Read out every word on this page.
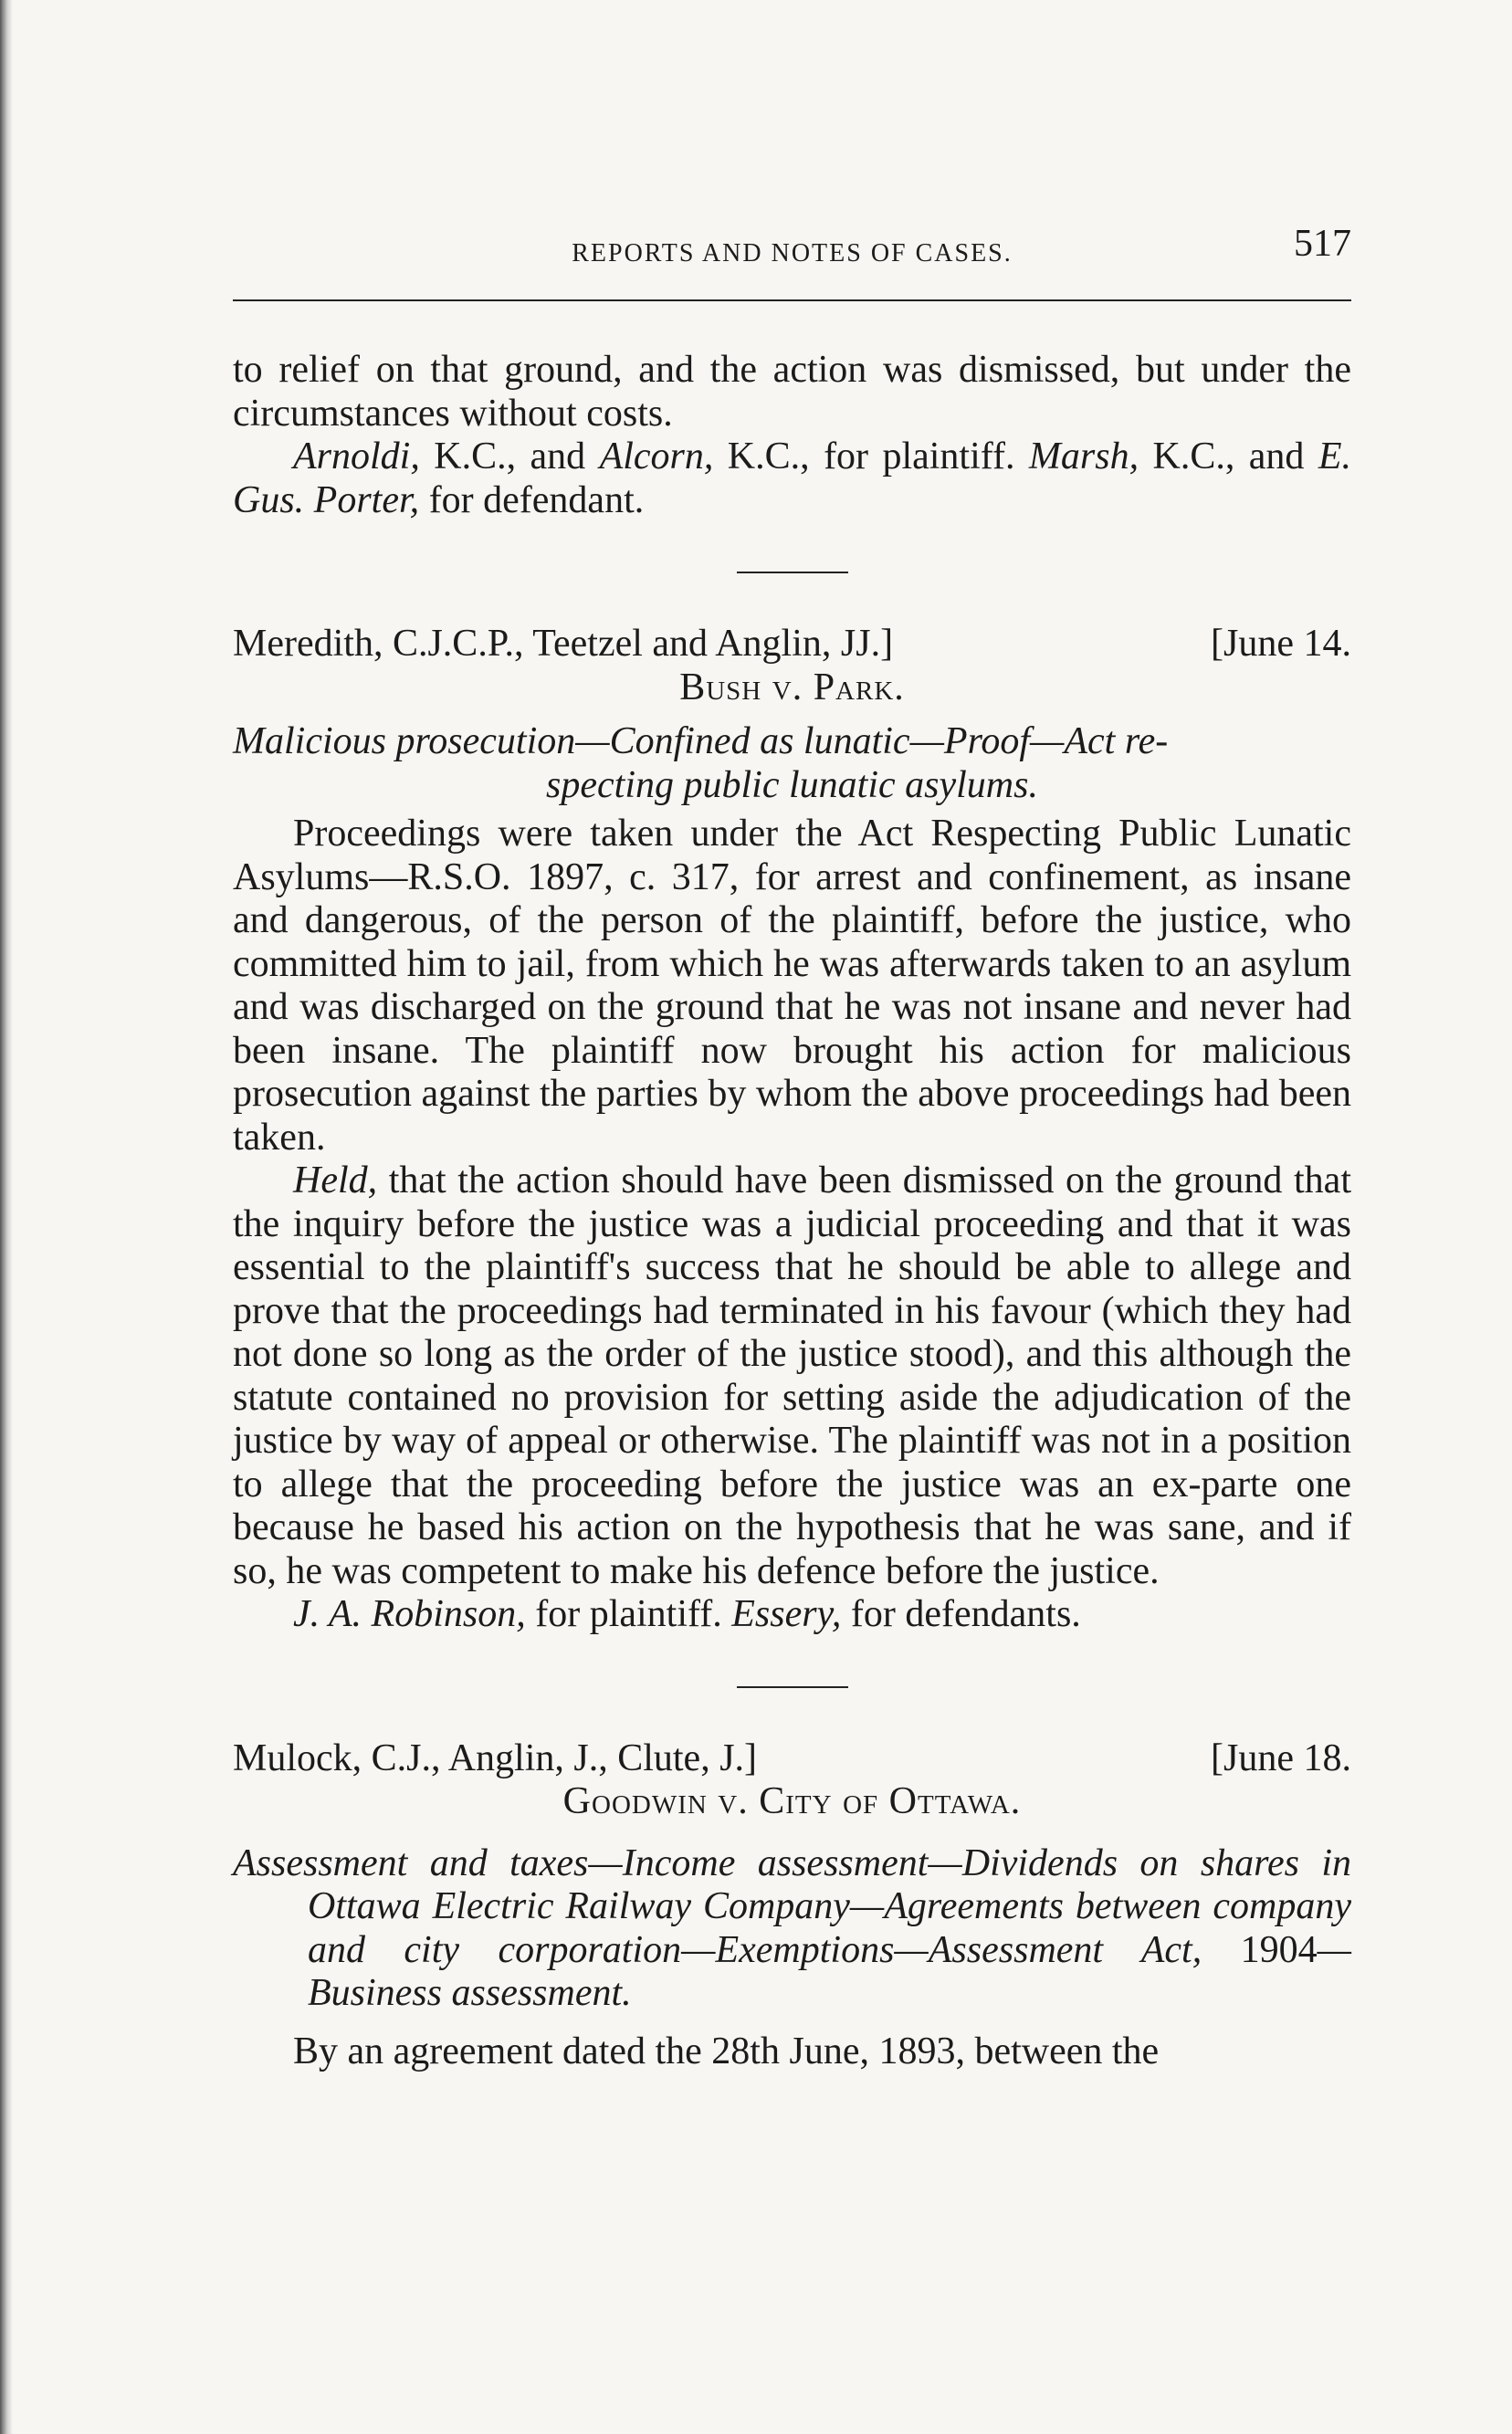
REPORTS AND NOTES OF CASES.	517

to relief on that ground, and the action was dismissed, but under the circumstances without costs.

Arnoldi, K.C., and Alcorn, K.C., for plaintiff. Marsh, K.C., and E. Gus. Porter, for defendant.

Meredith, C.J.C.P., Teetzel and Anglin, JJ.]	[June 14.
Bush v. Park.
Malicious prosecution—Confined as lunatic—Proof—Act re-
specting public lunatic asylums.

Proceedings were taken under the Act Respecting Public Lunatic Asylums—R.S.O. 1897, c. 317, for arrest and confinement, as insane and dangerous, of the person of the plaintiff, before the justice, who committed him to jail, from which he was afterwards taken to an asylum and was discharged on the ground that he was not insane and never had been insane. The plaintiff now brought his action for malicious prosecution against the parties by whom the above proceedings had been taken.

Held, that the action should have been dismissed on the ground that the inquiry before the justice was a judicial proceeding and that it was essential to the plaintiff's success that he should be able to allege and prove that the proceedings had terminated in his favour (which they had not done so long as the order of the justice stood), and this although the statute contained no provision for setting aside the adjudication of the justice by way of appeal or otherwise. The plaintiff was not in a position to allege that the proceeding before the justice was an ex-parte one because he based his action on the hypothesis that he was sane, and if so, he was competent to make his defence before the justice.

J. A. Robinson, for plaintiff. Essery, for defendants.

Mulock, C.J., Anglin, J., Clute, J.]	[June 18.
Goodwin v. City of Ottawa.
Assessment and taxes—Income assessment—Dividends on shares in Ottawa Electric Railway Company—Agreements between company and city corporation—Exemptions—Assessment Act, 1904—Business assessment.

By an agreement dated the 28th June, 1893, between the
